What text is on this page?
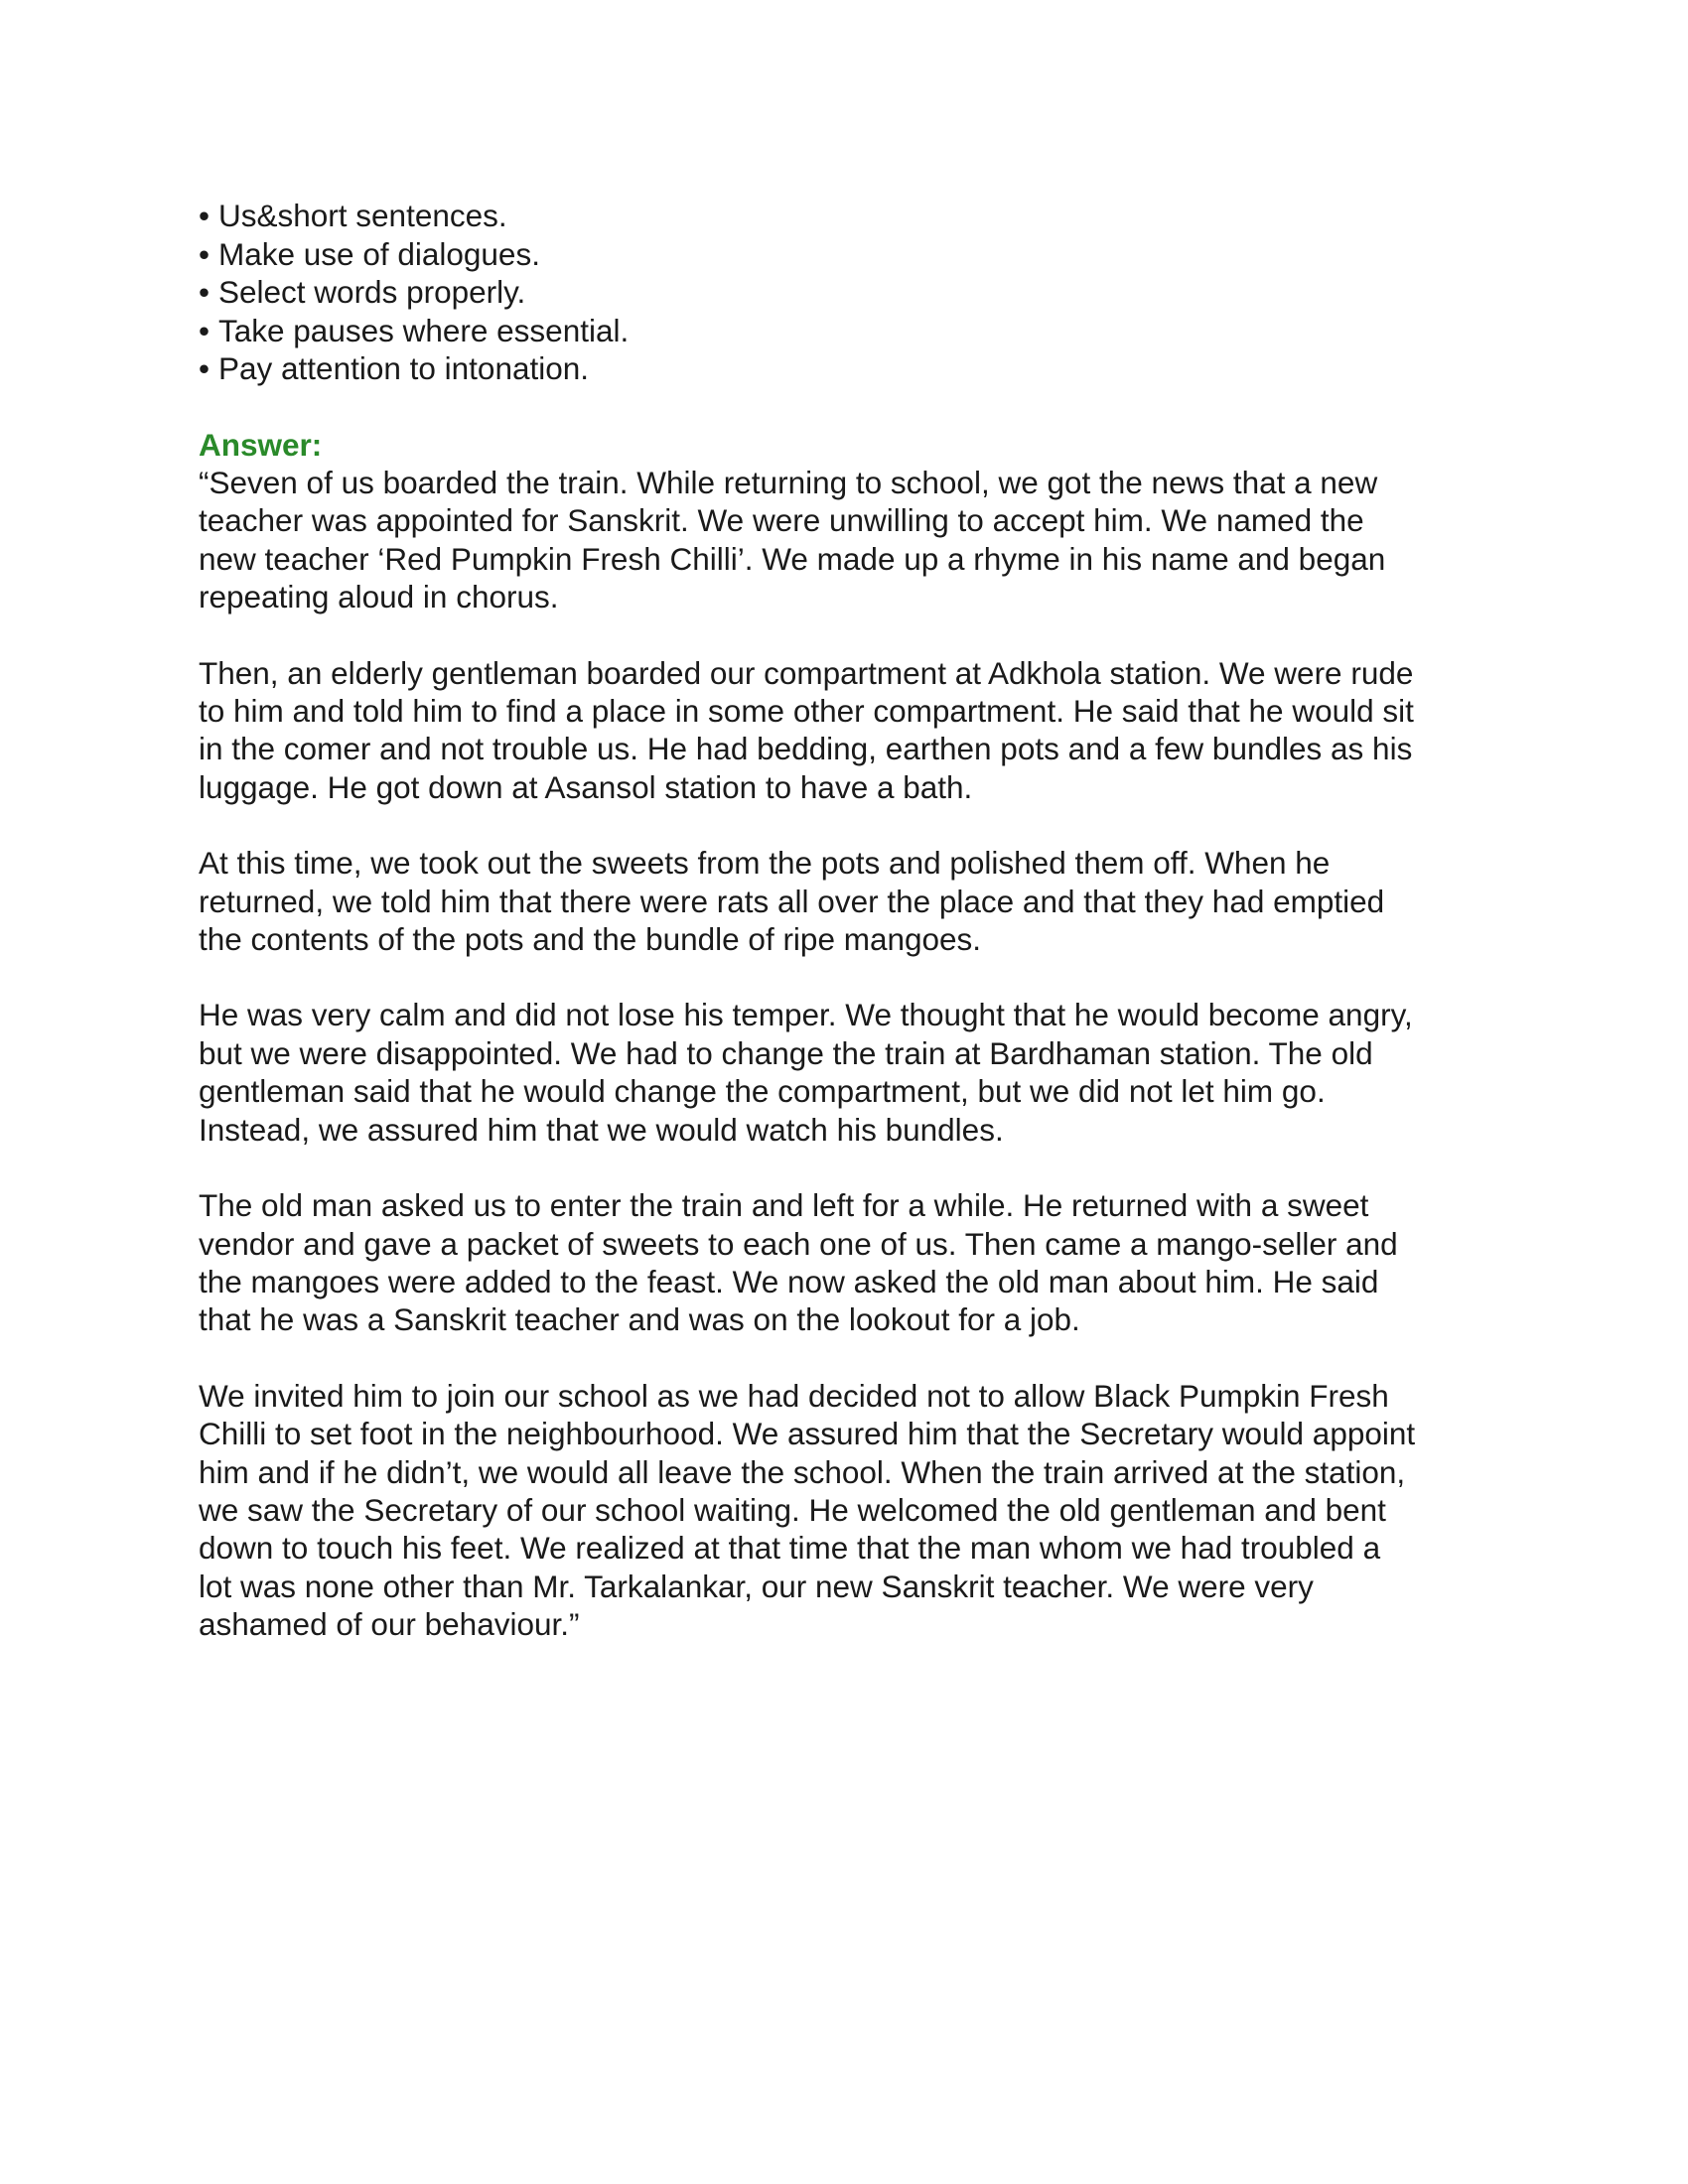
• Us&short sentences.
• Make use of dialogues.
• Select words properly.
• Take pauses where essential.
• Pay attention to intonation.
Answer:

“Seven of us boarded the train. While returning to school, we got the news that a new
teacher was appointed for Sanskrit. We were unwilling to accept him. We named the
new teacher ‘Red Pumpkin Fresh Chilli’. We made up a rhyme in his name and began
repeating aloud in chorus.

Then, an elderly gentleman boarded our compartment at Adkhola station. We were rude
to him and told him to find a place in some other compartment. He said that he would sit
in the comer and not trouble us. He had bedding, earthen pots and a few bundles as his
luggage. He got down at Asansol station to have a bath.

At this time, we took out the sweets from the pots and polished them off. When he
returned, we told him that there were rats all over the place and that they had emptied
the contents of the pots and the bundle of ripe mangoes.

He was very calm and did not lose his temper. We thought that he would become angry,
but we were disappointed. We had to change the train at Bardhaman station. The old
gentleman said that he would change the compartment, but we did not let him go.
Instead, we assured him that we would watch his bundles.

The old man asked us to enter the train and left for a while. He returned with a sweet
vendor and gave a packet of sweets to each one of us. Then came a mango-seller and
the mangoes were added to the feast. We now asked the old man about him. He said
that he was a Sanskrit teacher and was on the lookout for a job.

We invited him to join our school as we had decided not to allow Black Pumpkin Fresh
Chilli to set foot in the neighbourhood. We assured him that the Secretary would appoint
him and if he didn’t, we would all leave the school. When the train arrived at the station,
we saw the Secretary of our school waiting. He welcomed the old gentleman and bent
down to touch his feet. We realized at that time that the man whom we had troubled a
lot was none other than Mr. Tarkalankar, our new Sanskrit teacher. We were very
ashamed of our behaviour.”
